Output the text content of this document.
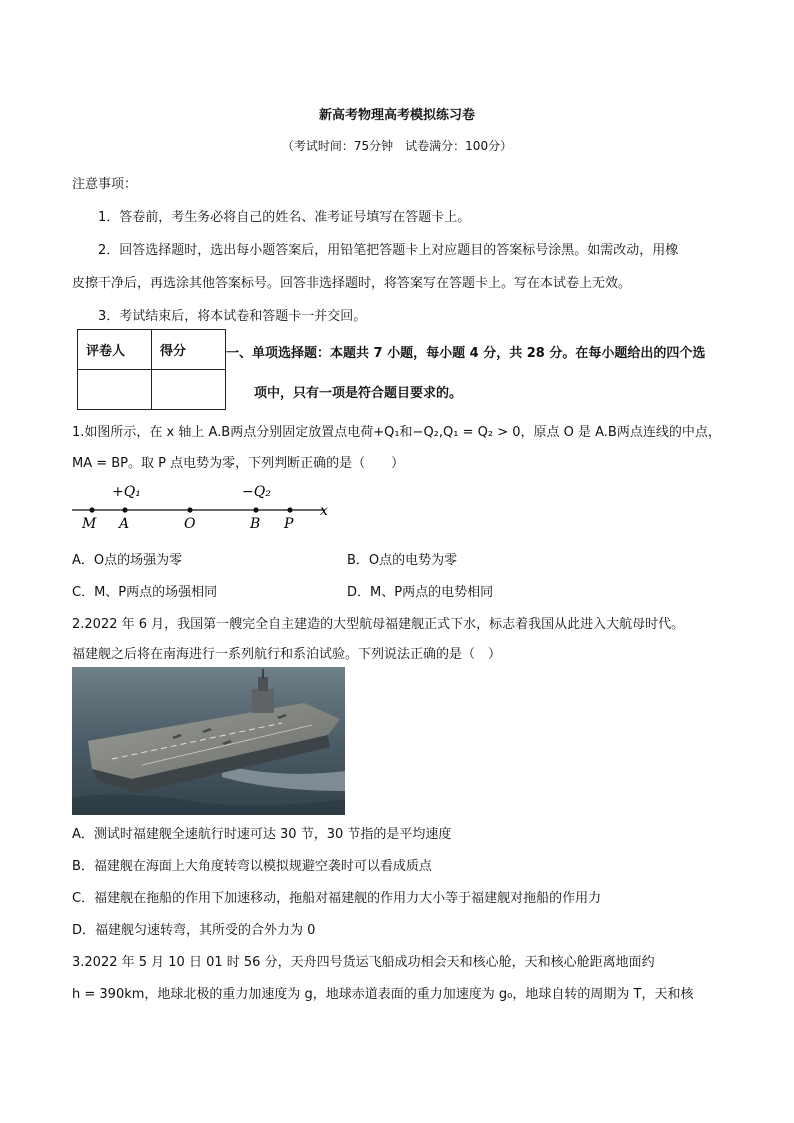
新高考物理高考模拟练习卷
（考试时间：75分钟　试卷满分：100分）
注意事项：
1．答卷前，考生务必将自己的姓名、准考证号填写在答题卡上。
2．回答选择题时，选出每小题答案后，用铅笔把答题卡上对应题目的答案标号涂黑。如需改动，用橡
皮擦干净后，再选涂其他答案标号。回答非选择题时，将答案写在答题卡上。写在本试卷上无效。
3．考试结束后，将本试卷和答题卡一并交回。
评卷人	得分
		一、单项选择题：本题共 7 小题，每小题 4 分，共 28 分。在每小题给出的四个选
项中，只有一项是符合题目要求的。
1.如图所示，在 x 轴上 A.B两点分别固定放置点电荷+Q₁和−Q₂,Q₁ = Q₂ > 0，原点 O 是 A.B两点连线的中点，
MA = BP。取 P 点电势为零，下列判断正确的是（　　）
+Q₁	−Q₂
M A	O	B P
x
A．O点的场强为零	B．O点的电势为零
C．M、P两点的场强相同	D．M、P两点的电势相同
2.2022 年 6 月，我国第一艘完全自主建造的大型航母福建舰正式下水，标志着我国从此进入大航母时代。
福建舰之后将在南海进行一系列航行和系泊试验。下列说法正确的是（　）
A．测试时福建舰全速航行时速可达 30 节，30 节指的是平均速度
B．福建舰在海面上大角度转弯以模拟规避空袭时可以看成质点
C．福建舰在拖船的作用下加速移动，拖船对福建舰的作用力大小等于福建舰对拖船的作用力
D．福建舰匀速转弯，其所受的合外力为 0
3.2022 年 5 月 10 日 01 时 56 分，天舟四号货运飞船成功相会天和核心舱，天和核心舱距离地面约
h = 390km，地球北极的重力加速度为 g，地球赤道表面的重力加速度为 g₀，地球自转的周期为 T，天和核
